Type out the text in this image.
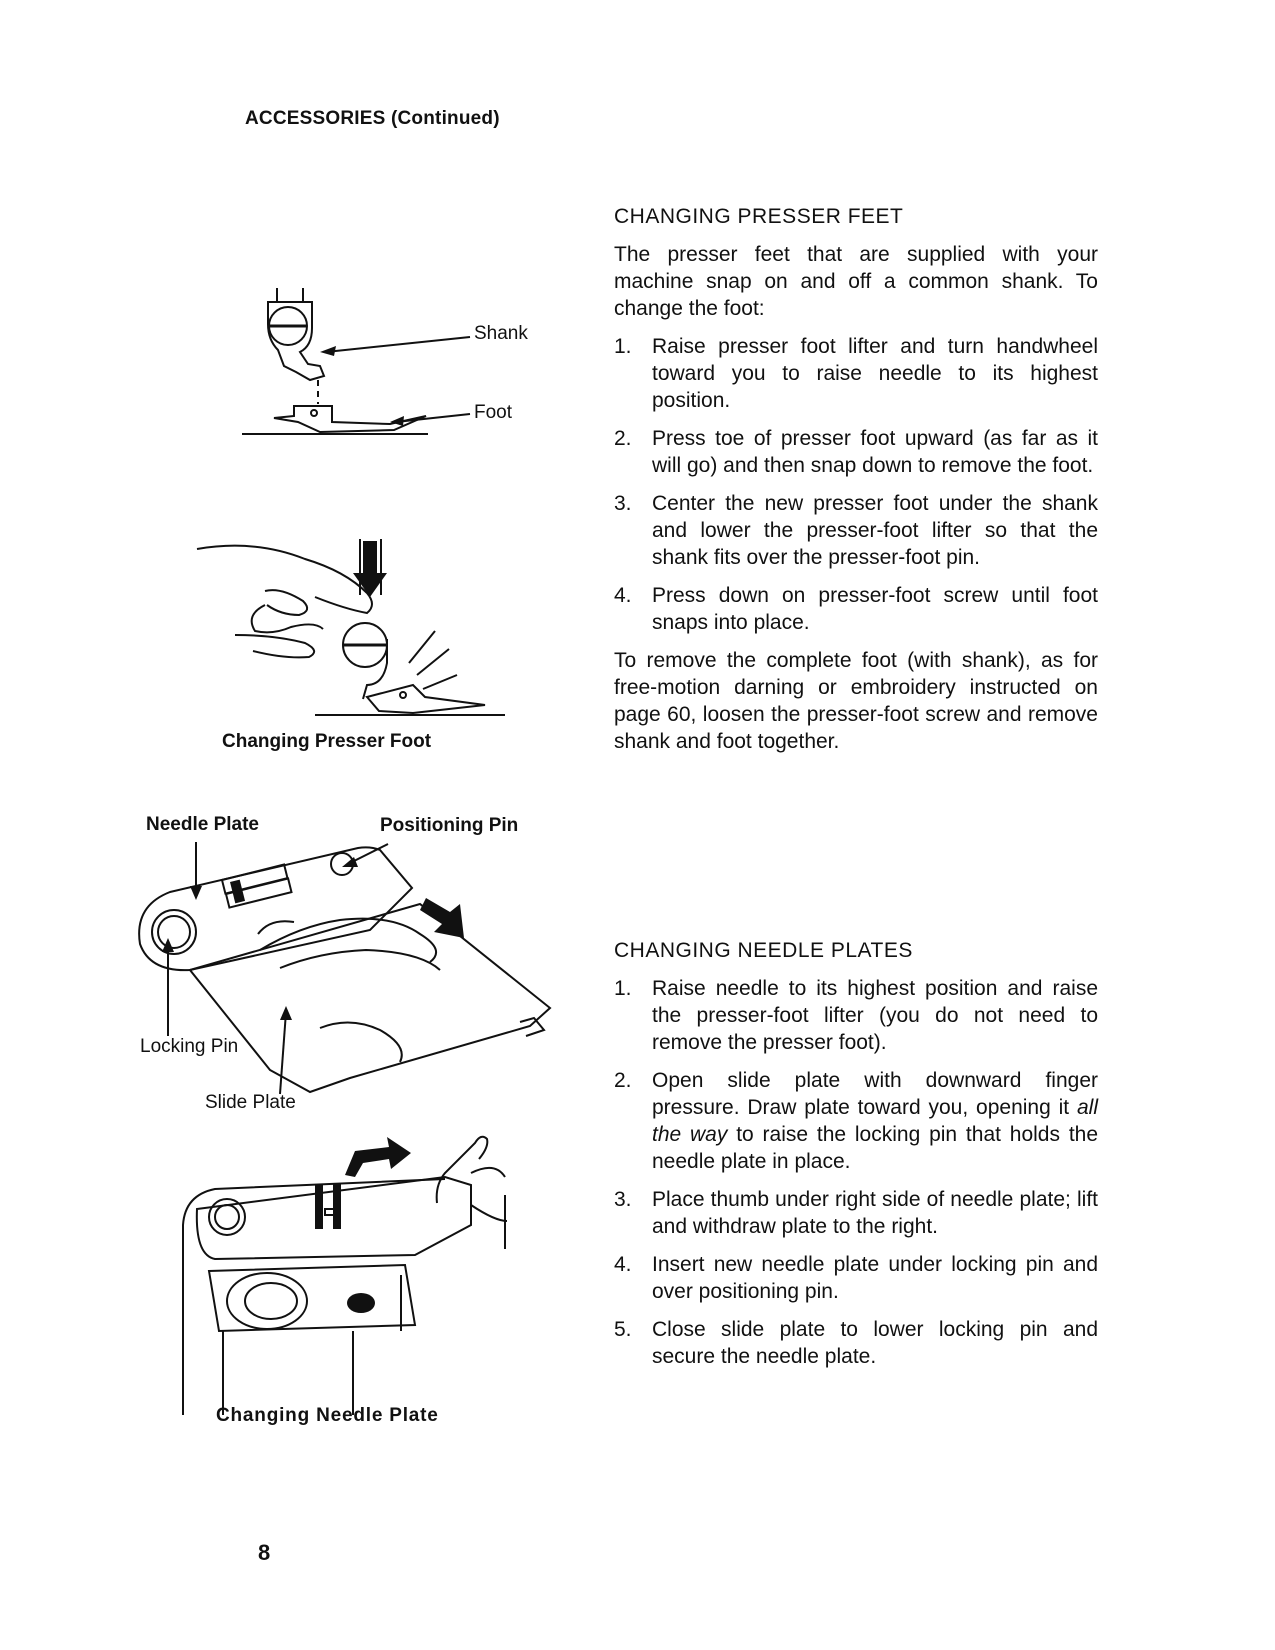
ACCESSORIES (Continued)
Shank
Foot
Changing Presser Foot
Needle Plate	Positioning Pin
Locking Pin
Slide Plate
Changing Needle Plate
CHANGING PRESSER FEET

The presser feet that are supplied with your machine snap on and off a common shank. To change the foot:

1. Raise presser foot lifter and turn handwheel toward you to raise needle to its highest position.
2. Press toe of presser foot upward (as far as it will go) and then snap down to remove the foot.
3. Center the new presser foot under the shank and lower the presser-foot lifter so that the shank fits over the presser-foot pin.
4. Press down on presser-foot screw until foot snaps into place.

To remove the complete foot (with shank), as for free-motion darning or embroidery instructed on page 60, loosen the presser-foot screw and remove shank and foot together.

CHANGING NEEDLE PLATES
1. Raise needle to its highest position and raise the presser-foot lifter (you do not need to remove the presser foot).
2. Open slide plate with downward finger pressure. Draw plate toward you, opening it all the way to raise the locking pin that holds the needle plate in place.
3. Place thumb under right side of needle plate; lift and withdraw plate to the right.
4. Insert new needle plate under locking pin and over positioning pin.
5. Close slide plate to lower locking pin and secure the needle plate.
8
